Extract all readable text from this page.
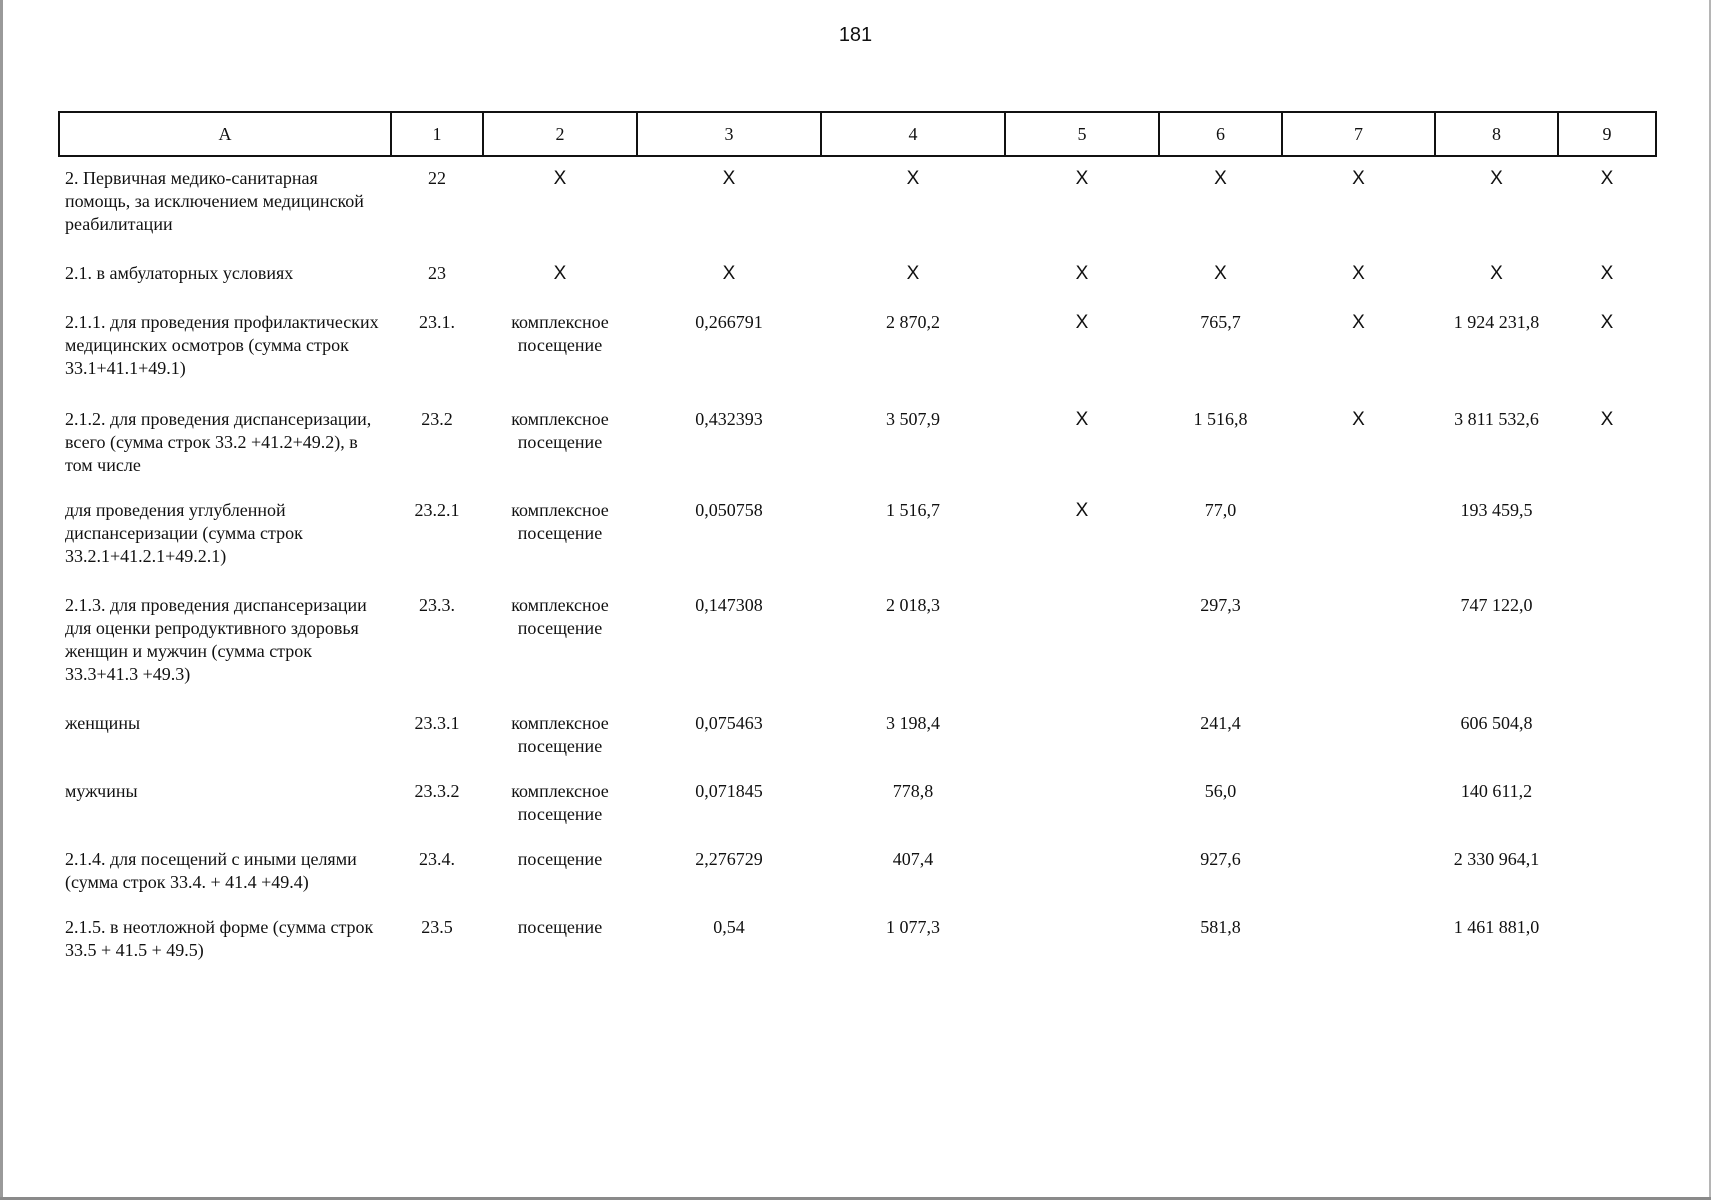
181
А	1	2	3	4	5	6	7	8	9
2. Первичная медико-санитарная помощь, за исключением медицинской реабилитации	22	X	X	X	X	X	X	X	X
2.1. в амбулаторных условиях	23	X	X	X	X	X	X	X	X
2.1.1. для проведения профилактических медицинских осмотров (сумма строк 33.1+41.1+49.1)	23.1.	комплексное посещение	0,266791	2 870,2	X	765,7	X	1 924 231,8	X
2.1.2. для проведения диспансеризации, всего (сумма строк 33.2 +41.2+49.2), в том числе	23.2	комплексное посещение	0,432393	3 507,9	X	1 516,8	X	3 811 532,6	X
для проведения углубленной диспансеризации (сумма строк 33.2.1+41.2.1+49.2.1)	23.2.1	комплексное посещение	0,050758	1 516,7	X	77,0		193 459,5	
2.1.3. для проведения диспансеризации для оценки репродуктивного здоровья женщин и мужчин (сумма строк 33.3+41.3 +49.3)	23.3.	комплексное посещение	0,147308	2 018,3		297,3		747 122,0	
женщины	23.3.1	комплексное посещение	0,075463	3 198,4		241,4		606 504,8	
мужчины	23.3.2	комплексное посещение	0,071845	778,8		56,0		140 611,2	
2.1.4. для посещений с иными целями (сумма строк 33.4. + 41.4 +49.4)	23.4.	посещение	2,276729	407,4		927,6		2 330 964,1	
2.1.5. в неотложной форме (сумма строк 33.5 + 41.5 + 49.5)	23.5	посещение	0,54	1 077,3		581,8		1 461 881,0	
